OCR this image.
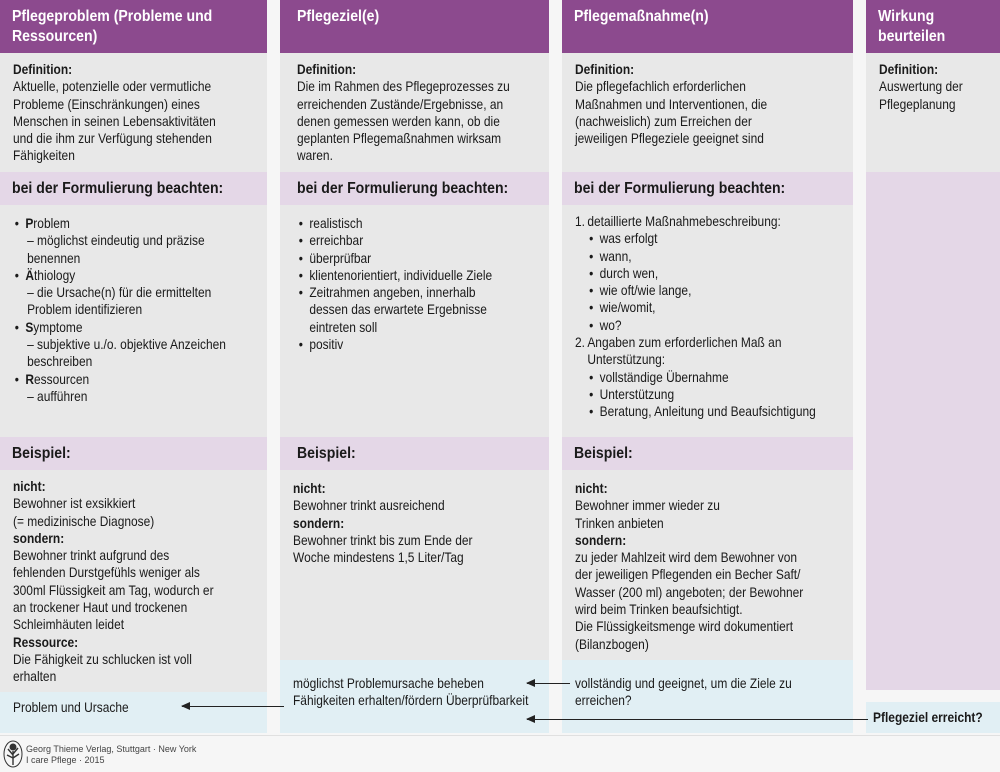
Pflegeproblem (Probleme und Ressourcen)
Definition:
Aktuelle, potenzielle oder vermutliche
Probleme (Einschränkungen) eines
Menschen in seinen Lebensaktivitäten
und die ihm zur Verfügung stehenden
Fähigkeiten
bei der Formulierung beachten:
• Problem
– möglichst eindeutig und präzise
benennen
• Äthiology
– die Ursache(n) für die ermittelten
Problem identifizieren
• Symptome
– subjektive u./o. objektive Anzeichen
beschreiben
• Ressourcen
– aufführen
Beispiel:
nicht:
Bewohner ist exsikkiert
(= medizinische Diagnose)
sondern:
Bewohner trinkt aufgrund des
fehlenden Durstgefühls weniger als
300ml Flüssigkeit am Tag, wodurch er
an trockener Haut und trockenen
Schleimhäuten leidet
Ressource:
Die Fähigkeit zu schlucken ist voll
erhalten
Problem und Ursache
Pflegeziel(e)
Definition:
Die im Rahmen des Pflegeprozesses zu
erreichenden Zustände/Ergebnisse, an
denen gemessen werden kann, ob die
geplanten Pflegemaßnahmen wirksam
waren.
bei der Formulierung beachten:
• realistisch
• erreichbar
• überprüfbar
• klientenorientiert, individuelle Ziele
• Zeitrahmen angeben, innerhalb
dessen das erwartete Ergebnisse
eintreten soll
• positiv
Beispiel:
nicht:
Bewohner trinkt ausreichend
sondern:
Bewohner trinkt bis zum Ende der
Woche mindestens 1,5 Liter/Tag
möglichst Problemursache beheben Fähigkeiten erhalten/fördern Überprüfbarkeit
Pflegemaßnahme(n)
Definition:
Die pflegefachlich erforderlichen
Maßnahmen und Interventionen, die
(nachweislich) zum Erreichen der
jeweiligen Pflegeziele geeignet sind
bei der Formulierung beachten:
1. detaillierte Maßnahmebeschreibung:
• was erfolgt
• wann,
• durch wen,
• wie oft/wie lange,
• wie/womit,
• wo?
2. Angaben zum erforderlichen Maß an
Unterstützung:
• vollständige Übernahme
• Unterstützung
• Beratung, Anleitung und Beaufsichtigung
Beispiel:
nicht:
Bewohner immer wieder zu
Trinken anbieten
sondern:
zu jeder Mahlzeit wird dem Bewohner von
der jeweiligen Pflegenden ein Becher Saft/
Wasser (200 ml) angeboten; der Bewohner
wird beim Trinken beaufsichtigt.
Die Flüssigkeitsmenge wird dokumentiert
(Bilanzbogen)
vollständig und geeignet, um die Ziele zu erreichen?
Wirkung beurteilen
Definition:
Auswertung der
Pflegeplanung
Pflegeziel erreicht?
Georg Thieme Verlag, Stuttgart · New York
I care Pflege · 2015
